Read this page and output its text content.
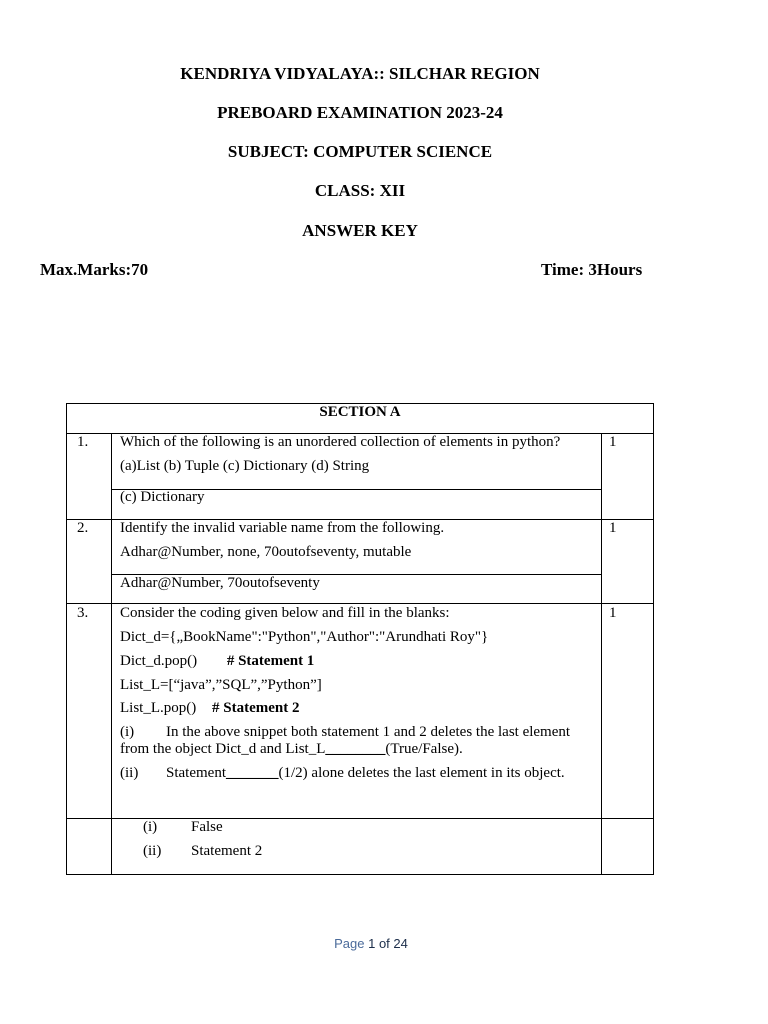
KENDRIYA VIDYALAYA:: SILCHAR REGION
PREBOARD EXAMINATION 2023-24
SUBJECT: COMPUTER SCIENCE
CLASS: XII
ANSWER KEY
Max.Marks:70	Time: 3Hours
SECTION A
1. Which of the following is an unordered collection of elements in python?
(a)List (b) Tuple (c) Dictionary (d) String
1
(c) Dictionary
2. Identify the invalid variable name from the following.
Adhar@Number, none, 70outofseventy, mutable
1
Adhar@Number, 70outofseventy
3. Consider the coding given below and fill in the blanks:	1
Dict_d={„BookName":"Python","Author":"Arundhati Roy"}
Dict_d.pop() # Statement 1
List_L=[“java”,”SQL”,”Python”]
List_L.pop() # Statement 2
(i) In the above snippet both statement 1 and 2 deletes the last element from the object Dict_d and List_L________(True/False).
(ii) Statement_______(1/2) alone deletes the last element in its object.
(i) False
(ii) Statement 2
Page 1 of 24
